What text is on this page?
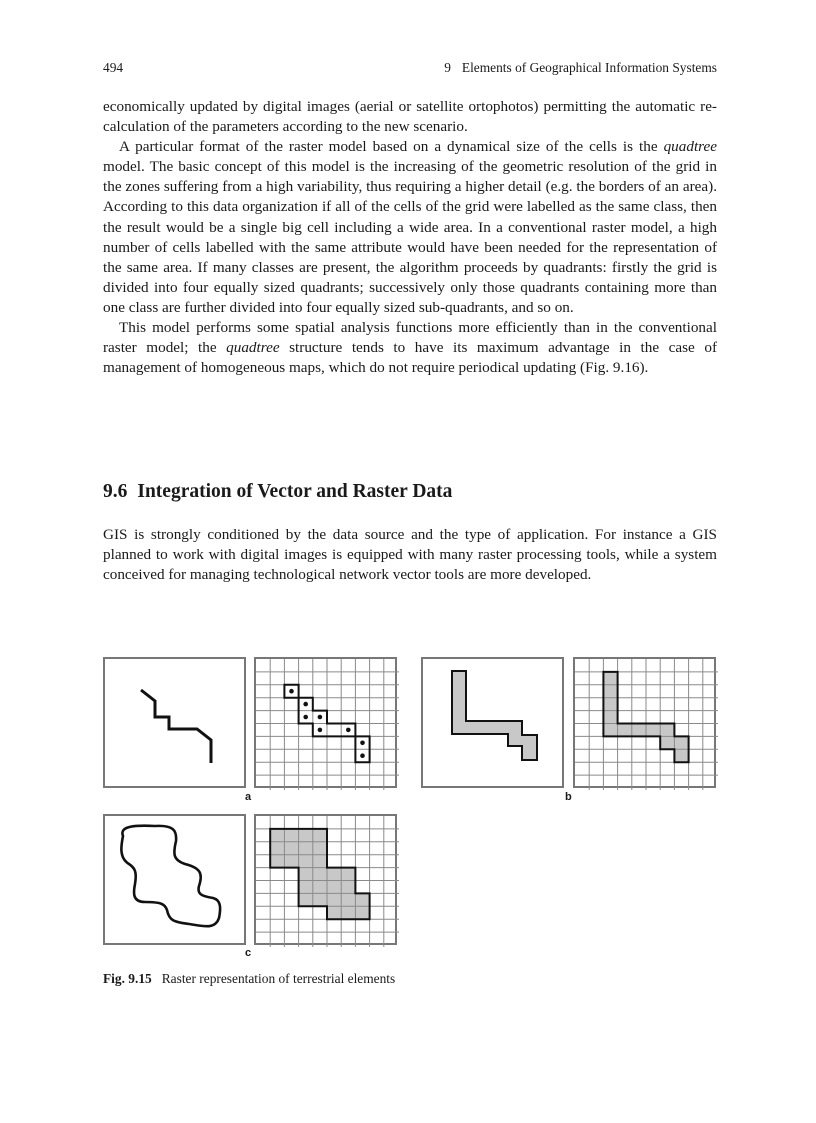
494	9 Elements of Geographical Information Systems

economically updated by digital images (aerial or satellite ortophotos) permitting the automatic re-calculation of the parameters according to the new scenario.

A particular format of the raster model based on a dynamical size of the cells is the quadtree model. The basic concept of this model is the increasing of the geometric resolution of the grid in the zones suffering from a high variability, thus requiring a higher detail (e.g. the borders of an area). According to this data organization if all of the cells of the grid were labelled as the same class, then the result would be a single big cell including a wide area. In a conventional raster model, a high number of cells labelled with the same attribute would have been needed for the representation of the same area. If many classes are present, the algorithm proceeds by quadrants: firstly the grid is divided into four equally sized quadrants; successively only those quadrants containing more than one class are further divided into four equally sized sub-quadrants, and so on.

This model performs some spatial analysis functions more efficiently than in the conventional raster model; the quadtree structure tends to have its maximum advantage in the case of management of homogeneous maps, which do not require periodical updating (Fig. 9.16).

9.6 Integration of Vector and Raster Data

GIS is strongly conditioned by the data source and the type of application. For instance a GIS planned to work with digital images is equipped with many raster processing tools, while a system conceived for managing technological network vector tools are more developed.

a	b
c
Fig. 9.15 Raster representation of terrestrial elements
